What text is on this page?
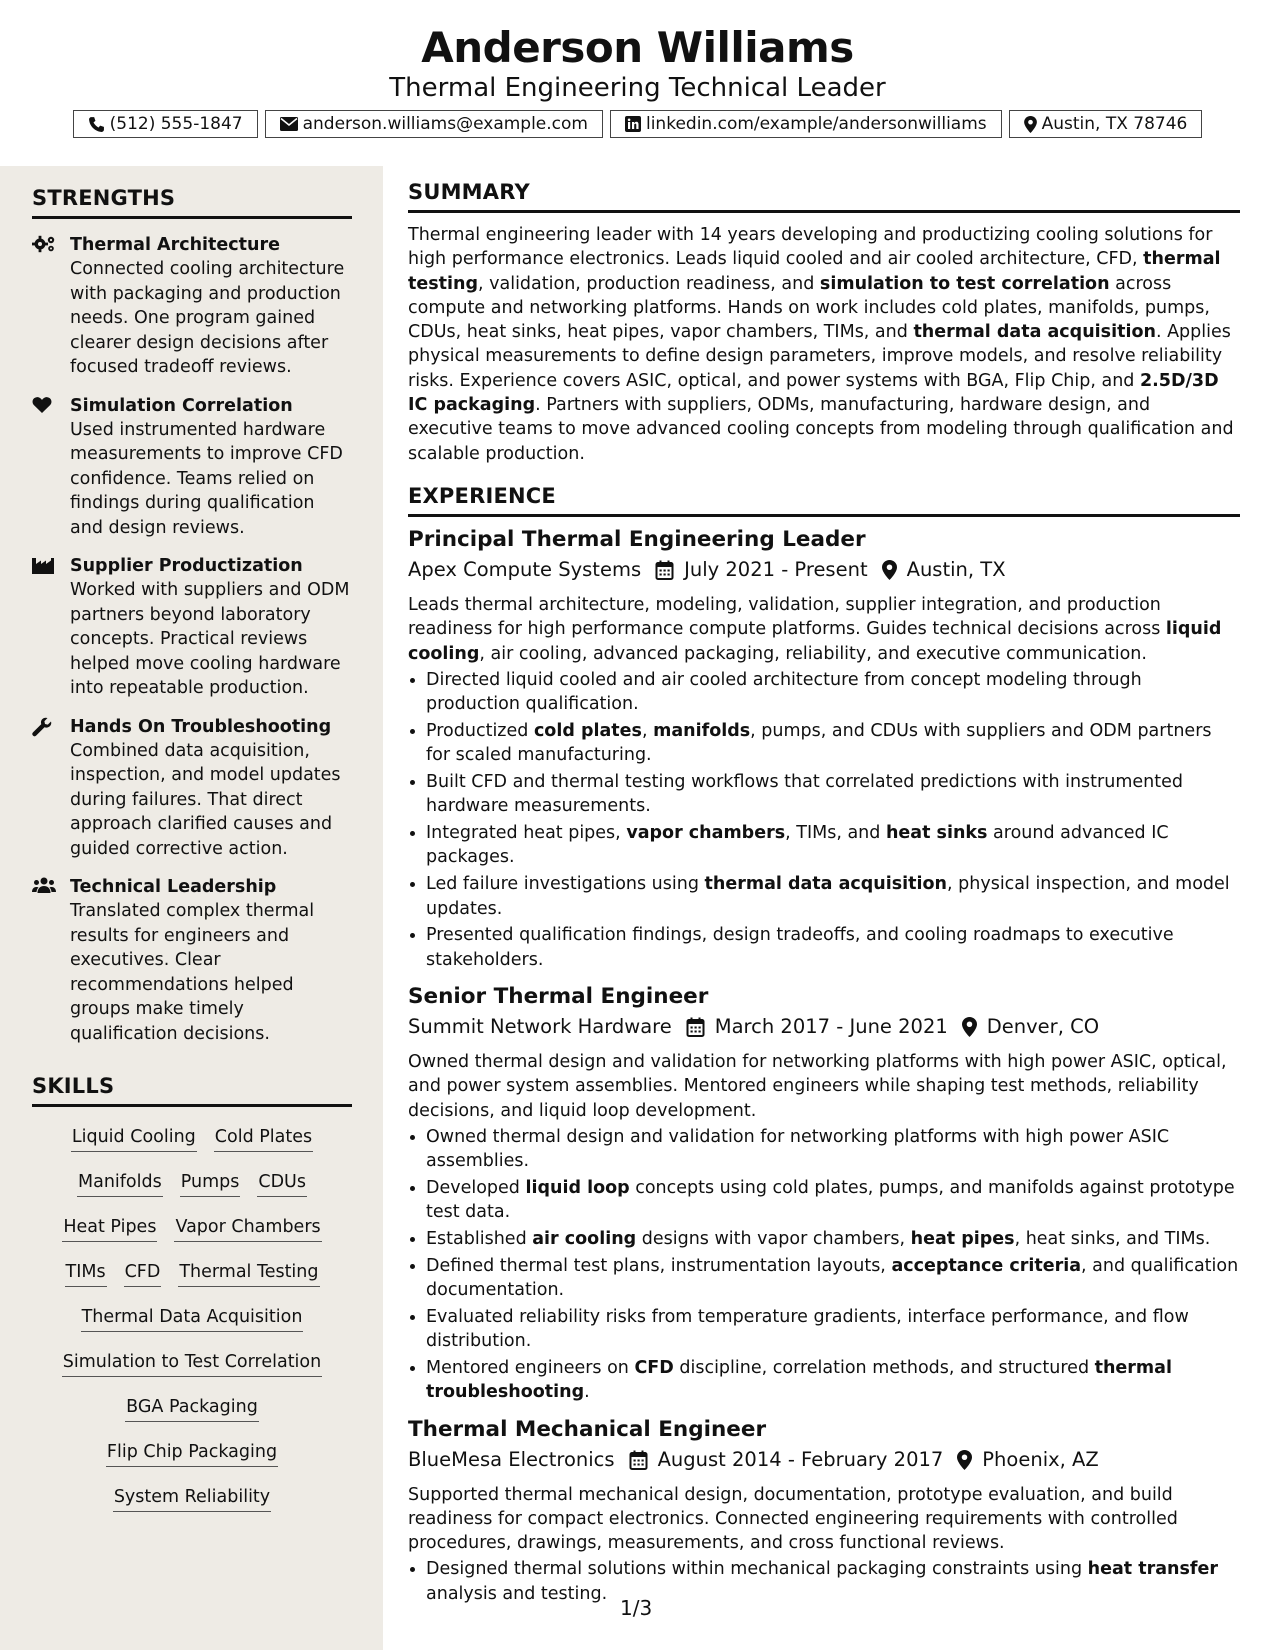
Anderson Williams
Thermal Engineering Technical Leader
(512) 555-1847	anderson.williams@example.com	linkedin.com/example/andersonwilliams	Austin, TX 78746
STRENGTHS
Thermal Architecture
Connected cooling architecture with packaging and production needs. One program gained clearer design decisions after focused tradeoff reviews.
Simulation Correlation
Used instrumented hardware measurements to improve CFD confidence. Teams relied on findings during qualification and design reviews.
Supplier Productization
Worked with suppliers and ODM partners beyond laboratory concepts. Practical reviews helped move cooling hardware into repeatable production.
Hands On Troubleshooting
Combined data acquisition, inspection, and model updates during failures. That direct approach clarified causes and guided corrective action.
Technical Leadership
Translated complex thermal results for engineers and executives. Clear recommendations helped groups make timely qualification decisions.
SKILLS
Liquid Cooling Cold Plates
Manifolds Pumps CDUs
Heat Pipes Vapor Chambers
TIMs CFD Thermal Testing
Thermal Data Acquisition
Simulation to Test Correlation
BGA Packaging
Flip Chip Packaging
System Reliability
SUMMARY

Thermal engineering leader with 14 years developing and productizing cooling solutions for high performance electronics. Leads liquid cooled and air cooled architecture, CFD, thermal testing, validation, production readiness, and simulation to test correlation across compute and networking platforms. Hands on work includes cold plates, manifolds, pumps, CDUs, heat sinks, heat pipes, vapor chambers, TIMs, and thermal data acquisition. Applies physical measurements to define design parameters, improve models, and resolve reliability risks. Experience covers ASIC, optical, and power systems with BGA, Flip Chip, and 2.5D/3D IC packaging. Partners with suppliers, ODMs, manufacturing, hardware design, and executive teams to move advanced cooling concepts from modeling through qualification and scalable production.

EXPERIENCE
Principal Thermal Engineering Leader
Apex Compute Systems July 2021 - Present Austin, TX

Leads thermal architecture, modeling, validation, supplier integration, and production readiness for high performance compute platforms. Guides technical decisions across liquid cooling, air cooling, advanced packaging, reliability, and executive communication.

• Directed liquid cooled and air cooled architecture from concept modeling through production qualification.
• Productized cold plates, manifolds, pumps, and CDUs with suppliers and ODM partners for scaled manufacturing.
• Built CFD and thermal testing workflows that correlated predictions with instrumented hardware measurements.
• Integrated heat pipes, vapor chambers, TIMs, and heat sinks around advanced IC packages.
• Led failure investigations using thermal data acquisition, physical inspection, and model updates.
• Presented qualification findings, design tradeoffs, and cooling roadmaps to executive stakeholders.
Senior Thermal Engineer
Summit Network Hardware March 2017 - June 2021 Denver, CO

Owned thermal design and validation for networking platforms with high power ASIC, optical, and power system assemblies. Mentored engineers while shaping test methods, reliability decisions, and liquid loop development.

• Owned thermal design and validation for networking platforms with high power ASIC assemblies.
• Developed liquid loop concepts using cold plates, pumps, and manifolds against prototype test data.
• Established air cooling designs with vapor chambers, heat pipes, heat sinks, and TIMs.
• Defined thermal test plans, instrumentation layouts, acceptance criteria, and qualification documentation.
• Evaluated reliability risks from temperature gradients, interface performance, and flow distribution.
• Mentored engineers on CFD discipline, correlation methods, and structured thermal troubleshooting.
Thermal Mechanical Engineer
BlueMesa Electronics August 2014 - February 2017 Phoenix, AZ

Supported thermal mechanical design, documentation, prototype evaluation, and build readiness for compact electronics. Connected engineering requirements with controlled procedures, drawings, measurements, and cross functional reviews.

• Designed thermal solutions within mechanical packaging constraints using heat transfer analysis and testing.
1/3
